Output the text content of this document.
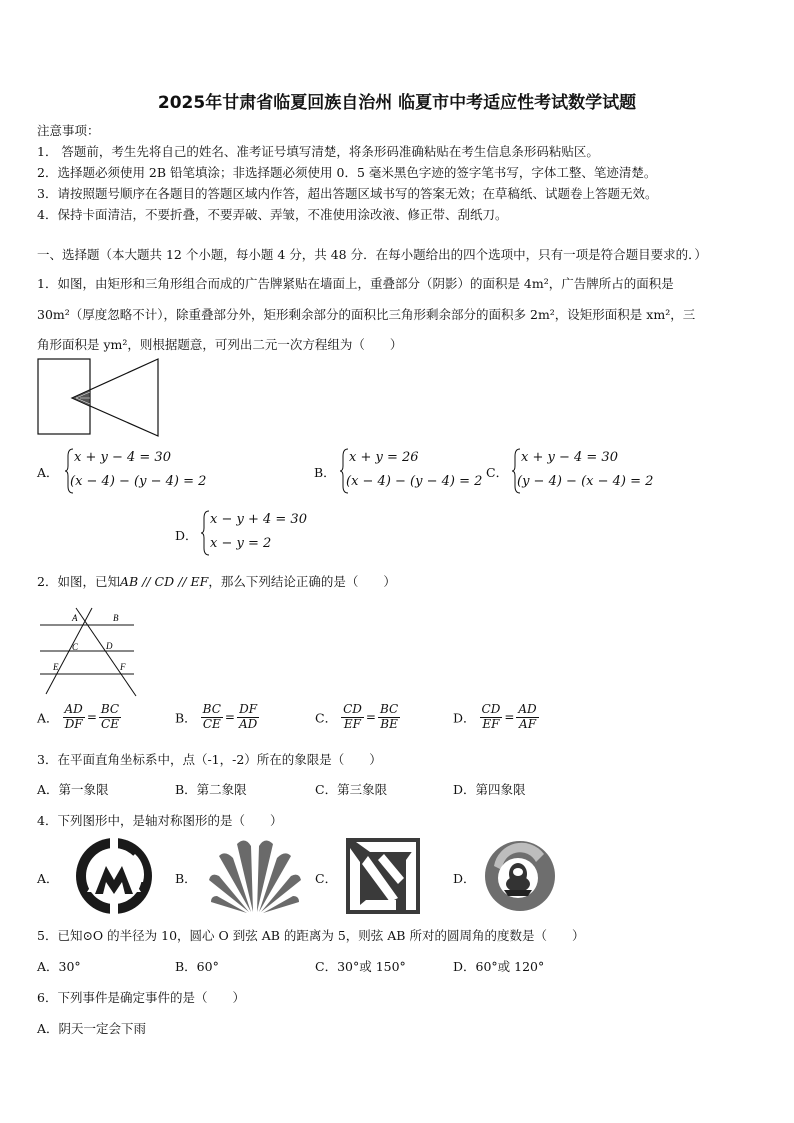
2025年甘肃省临夏回族自治州 临夏市中考适应性考试数学试题
注意事项：
1． 答题前，考生先将自己的姓名、准考证号填写清楚，将条形码准确粘贴在考生信息条形码粘贴区。
2．选择题必须使用 2B 铅笔填涂；非选择题必须使用 0．5 毫米黑色字迹的签字笔书写，字体工整、笔迹清楚。
3．请按照题号顺序在各题目的答题区域内作答，超出答题区域书写的答案无效；在草稿纸、试题卷上答题无效。
4．保持卡面清洁，不要折叠，不要弄破、弄皱，不准使用涂改液、修正带、刮纸刀。
一、选择题（本大题共 12 个小题，每小题 4 分，共 48 分．在每小题给出的四个选项中，只有一项是符合题目要求的．）
1．如图，由矩形和三角形组合而成的广告牌紧贴在墙面上，重叠部分（阴影）的面积是 4m²，广告牌所占的面积是
30m²（厚度忽略不计），除重叠部分外，矩形剩余部分的面积比三角形剩余部分的面积多 2m²，设矩形面积是 xm²，三
角形面积是 ym²，则根据题意，可列出二元一次方程组为（　　）
A．
x + y − 4 = 30
(x − 4) − (y − 4) = 2
B．
x + y = 26
(x − 4) − (y − 4) = 2
C．
x + y − 4 = 30
(y − 4) − (x − 4) = 2
D．
x − y + 4 = 30
x − y = 2
2．如图，已知AB // CD // EF，那么下列结论正确的是（　　）
A	B
C	D
E	F
A． $\frac{AD}{DF} = \frac{BC}{CE}$	B． $\frac{BC}{CE} = \frac{DF}{AD}$	C． $\frac{CD}{EF} = \frac{BC}{BE}$	D． $\frac{CD}{EF} = \frac{AD}{AF}$
3．在平面直角坐标系中，点（-1，-2）所在的象限是（　　）
A．第一象限	B．第二象限	C．第三象限	D．第四象限
4．下列图形中，是轴对称图形的是（　　）
A．	B．	C．	D．
5．已知⊙O 的半径为 10，圆心 O 到弦 AB 的距离为 5，则弦 AB 所对的圆周角的度数是（　　）
A．30°	B．60°	C．30°或 150°	D．60°或 120°
6．下列事件是确定事件的是（　　）
A．阴天一定会下雨
